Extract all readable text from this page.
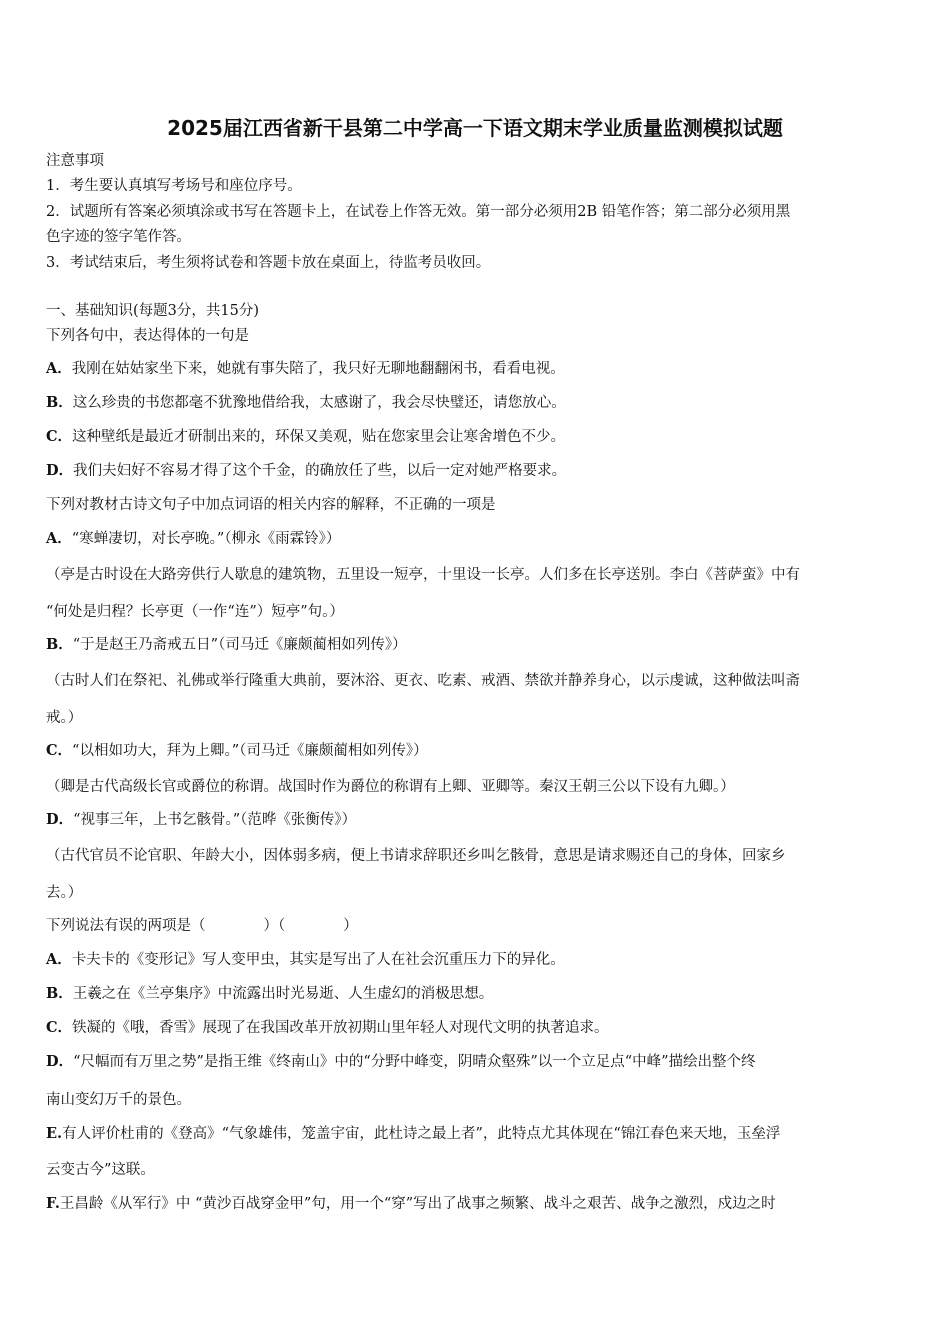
2025届江西省新干县第二中学高一下语文期末学业质量监测模拟试题
注意事项
1．考生要认真填写考场号和座位序号。
2．试题所有答案必须填涂或书写在答题卡上，在试卷上作答无效。第一部分必须用2B 铅笔作答；第二部分必须用黑
色字迹的签字笔作答。
3．考试结束后，考生须将试卷和答题卡放在桌面上，待监考员收回。
一、基础知识(每题3分，共15分)
下列各句中，表达得体的一句是
A．我刚在姑姑家坐下来，她就有事失陪了，我只好无聊地翻翻闲书，看看电视。
B．这么珍贵的书您都毫不犹豫地借给我，太感谢了，我会尽快璧还，请您放心。
C．这种壁纸是最近才研制出来的，环保又美观，贴在您家里会让寒舍增色不少。
D．我们夫妇好不容易才得了这个千金，的确放任了些，以后一定对她严格要求。
下列对教材古诗文句子中加点词语的相关内容的解释，不正确的一项是
A．“寒蝉凄切，对长亭晚。”（柳永《雨霖铃》）
（亭是古时设在大路旁供行人歇息的建筑物，五里设一短亭，十里设一长亭。人们多在长亭送别。李白《菩萨蛮》中有
“何处是归程？长亭更（一作“连”）短亭”句。）
B．“于是赵王乃斋戒五日”（司马迁《廉颇蔺相如列传》）
（古时人们在祭祀、礼佛或举行隆重大典前，要沐浴、更衣、吃素、戒酒、禁欲并静养身心，以示虔诚，这种做法叫斋
戒。）
C．“以相如功大，拜为上卿。”（司马迁《廉颇蔺相如列传》）
（卿是古代高级长官或爵位的称谓。战国时作为爵位的称谓有上卿、亚卿等。秦汉王朝三公以下设有九卿。）
D．“视事三年，上书乞骸骨。”（范晔《张衡传》）
（古代官员不论官职、年龄大小，因体弱多病，便上书请求辞职还乡叫乞骸骨，意思是请求赐还自己的身体，回家乡
去。）
下列说法有误的两项是（　　　　）（　　　　）
A．卡夫卡的《变形记》写人变甲虫，其实是写出了人在社会沉重压力下的异化。
B．王羲之在《兰亭集序》中流露出时光易逝、人生虚幻的消极思想。
C．铁凝的《哦，香雪》展现了在我国改革开放初期山里年轻人对现代文明的执著追求。
D．“尺幅而有万里之势”是指王维《终南山》中的“分野中峰变，阴晴众壑殊”以一个立足点“中峰”描绘出整个终
南山变幻万千的景色。
E.有人评价杜甫的《登高》“气象雄伟，笼盖宇宙，此杜诗之最上者”，此特点尤其体现在“锦江春色来天地，玉垒浮
云变古今”这联。
F.王昌龄《从军行》中 “黄沙百战穿金甲”句，用一个“穿”写出了战事之频繁、战斗之艰苦、战争之激烈，戍边之时
